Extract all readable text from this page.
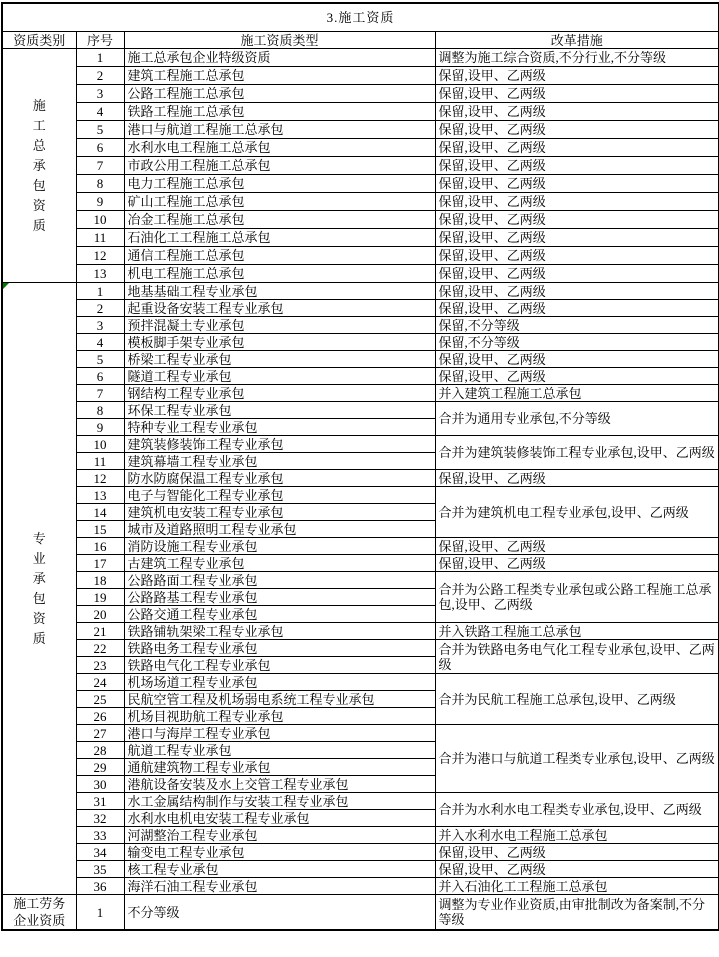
3.施工资质			
资质类别	序号	施工资质类型	改革措施
施工总承包资质	1	施工总承包企业特级资质	调整为施工综合资质,不分行业,不分等级
	2	建筑工程施工总承包	保留,设甲、乙两级
	3	公路工程施工总承包	保留,设甲、乙两级
	4	铁路工程施工总承包	保留,设甲、乙两级
	5	港口与航道工程施工总承包	保留,设甲、乙两级
	6	水利水电工程施工总承包	保留,设甲、乙两级
	7	市政公用工程施工总承包	保留,设甲、乙两级
	8	电力工程施工总承包	保留,设甲、乙两级
	9	矿山工程施工总承包	保留,设甲、乙两级
	10	冶金工程施工总承包	保留,设甲、乙两级
	11	石油化工工程施工总承包	保留,设甲、乙两级
	12	通信工程施工总承包	保留,设甲、乙两级
	13	机电工程施工总承包	保留,设甲、乙两级
专业承包资质	1	地基基础工程专业承包	保留,设甲、乙两级
	2	起重设备安装工程专业承包	保留,设甲、乙两级
	3	预拌混凝土专业承包	保留,不分等级
	4	模板脚手架专业承包	保留,不分等级
	5	桥梁工程专业承包	保留,设甲、乙两级
	6	隧道工程专业承包	保留,设甲、乙两级
	7	钢结构工程专业承包	并入建筑工程施工总承包
	8	环保工程专业承包	合并为通用专业承包,不分等级
	9	特种专业工程专业承包	
	10	建筑装修装饰工程专业承包	合并为建筑装修装饰工程专业承包,设甲、乙两级
	11	建筑幕墙工程专业承包	
	12	防水防腐保温工程专业承包	保留,设甲、乙两级
	13	电子与智能化工程专业承包	合并为建筑机电工程专业承包,设甲、乙两级
	14	建筑机电安装工程专业承包	
	15	城市及道路照明工程专业承包	
	16	消防设施工程专业承包	保留,设甲、乙两级
	17	古建筑工程专业承包	保留,设甲、乙两级
	18	公路路面工程专业承包	合并为公路工程类专业承包或公路工程施工总承包,设甲、乙两级
	19	公路路基工程专业承包	
	20	公路交通工程专业承包	
	21	铁路铺轨架梁工程专业承包	并入铁路工程施工总承包
	22	铁路电务工程专业承包	合并为铁路电务电气化工程专业承包,设甲、乙两级
	23	铁路电气化工程专业承包	
	24	机场场道工程专业承包	合并为民航工程施工总承包,设甲、乙两级
	25	民航空管工程及机场弱电系统工程专业承包	
	26	机场目视助航工程专业承包	
	27	港口与海岸工程专业承包	合并为港口与航道工程类专业承包,设甲、乙两级
	28	航道工程专业承包	
	29	通航建筑物工程专业承包	
	30	港航设备安装及水上交管工程专业承包	
	31	水工金属结构制作与安装工程专业承包	合并为水利水电工程类专业承包,设甲、乙两级
	32	水利水电机电安装工程专业承包	
	33	河湖整治工程专业承包	并入水利水电工程施工总承包
	34	输变电工程专业承包	保留,设甲、乙两级
	35	核工程专业承包	保留,设甲、乙两级
	36	海洋石油工程专业承包	并入石油化工工程施工总承包
施工劳务企业资质	1	不分等级	调整为专业作业资质,由审批制改为备案制,不分等级
